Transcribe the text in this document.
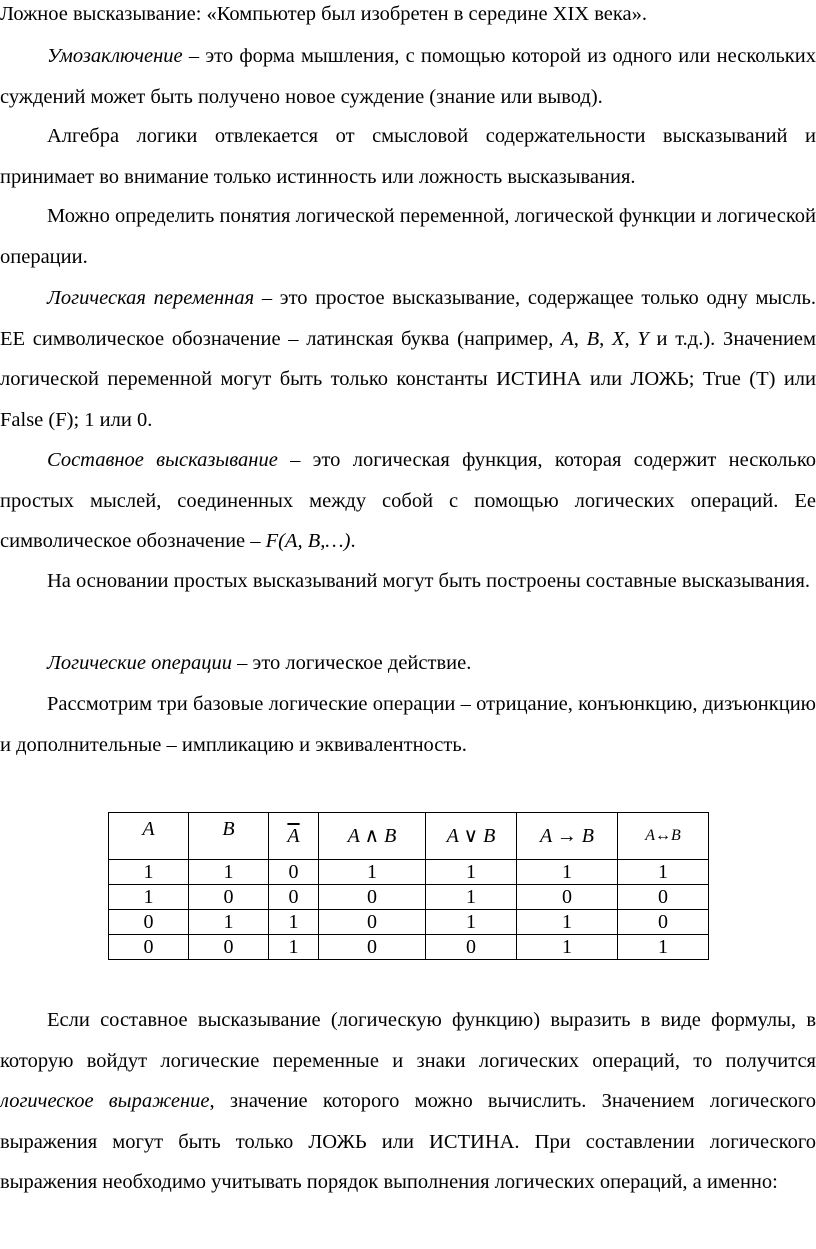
Ложное высказывание: «Компьютер был изобретен в середине XIX века».

Умозаключение – это форма мышления, с помощью которой из одного или нескольких суждений может быть получено новое суждение (знание или вывод).

Алгебра логики отвлекается от смысловой содержательности высказываний и принимает во внимание только истинность или ложность высказывания.

Можно определить понятия логической переменной, логической функции и логической операции.

Логическая переменная – это простое высказывание, содержащее только одну мысль. ЕЕ символическое обозначение – латинская буква (например, A, B, X, Y и т.д.). Значением логической переменной могут быть только константы ИСТИНА или ЛОЖЬ; True (T) или False (F); 1 или 0.

Составное высказывание – это логическая функция, которая содержит несколько простых мыслей, соединенных между собой с помощью логических операций. Ее символическое обозначение – F(A, B,…).

На основании простых высказываний могут быть построены составные высказывания.

Логические операции – это логическое действие.

Рассмотрим три базовые логические операции – отрицание, конъюнкцию, дизъюнкцию и дополнительные – импликацию и эквивалентность.

A	B	$\overline{A}$	A ∧ B	A ∨ B	A → B	A↔B
1	1	0	1	1	1	1
1	0	0	0	1	0	0
0	1	1	0	1	1	0
0	0	1	0	0	1	1

Если составное высказывание (логическую функцию) выразить в виде формулы, в которую войдут логические переменные и знаки логических операций, то получится логическое выражение, значение которого можно вычислить. Значением логического выражения могут быть только ЛОЖЬ или ИСТИНА. При составлении логического выражения необходимо учитывать порядок выполнения логических операций, а именно:
